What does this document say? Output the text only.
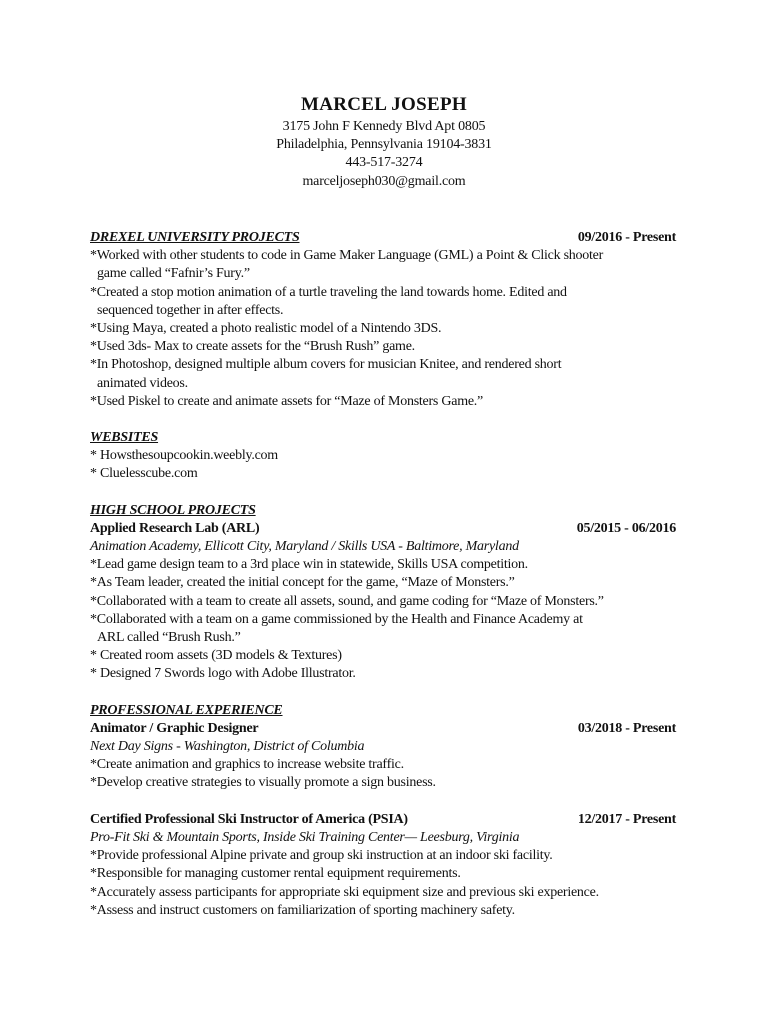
MARCEL JOSEPH
3175 John F Kennedy Blvd Apt 0805
Philadelphia, Pennsylvania 19104-3831
443-517-3274
marceljoseph030@gmail.com
DREXEL UNIVERSITY PROJECTS	09/2016 - Present
*Worked with other students to code in Game Maker Language (GML) a Point & Click shooter
game called “Fafnir’s Fury.”
*Created a stop motion animation of a turtle traveling the land towards home. Edited and
sequenced together in after effects.
*Using Maya, created a photo realistic model of a Nintendo 3DS.
*Used 3ds- Max to create assets for the “Brush Rush” game.
*In Photoshop, designed multiple album covers for musician Knitee, and rendered short
animated videos.
*Used Piskel to create and animate assets for “Maze of Monsters Game.”
WEBSITES
* Howsthesoupcookin.weebly.com
* Cluelesscube.com
HIGH SCHOOL PROJECTS
Applied Research Lab (ARL)	05/2015 - 06/2016
Animation Academy, Ellicott City, Maryland / Skills USA - Baltimore, Maryland
*Lead game design team to a 3rd place win in statewide, Skills USA competition.
*As Team leader, created the initial concept for the game, “Maze of Monsters.”
*Collaborated with a team to create all assets, sound, and game coding for “Maze of Monsters.”
*Collaborated with a team on a game commissioned by the Health and Finance Academy at
ARL called “Brush Rush.”
* Created room assets (3D models & Textures)
* Designed 7 Swords logo with Adobe Illustrator.
PROFESSIONAL EXPERIENCE
Animator / Graphic Designer	03/2018 - Present
Next Day Signs - Washington, District of Columbia
*Create animation and graphics to increase website traffic.
*Develop creative strategies to visually promote a sign business.
Certified Professional Ski Instructor of America (PSIA)	12/2017 - Present
Pro-Fit Ski & Mountain Sports, Inside Ski Training Center— Leesburg, Virginia
*Provide professional Alpine private and group ski instruction at an indoor ski facility.
*Responsible for managing customer rental equipment requirements.
*Accurately assess participants for appropriate ski equipment size and previous ski experience.
*Assess and instruct customers on familiarization of sporting machinery safety.
